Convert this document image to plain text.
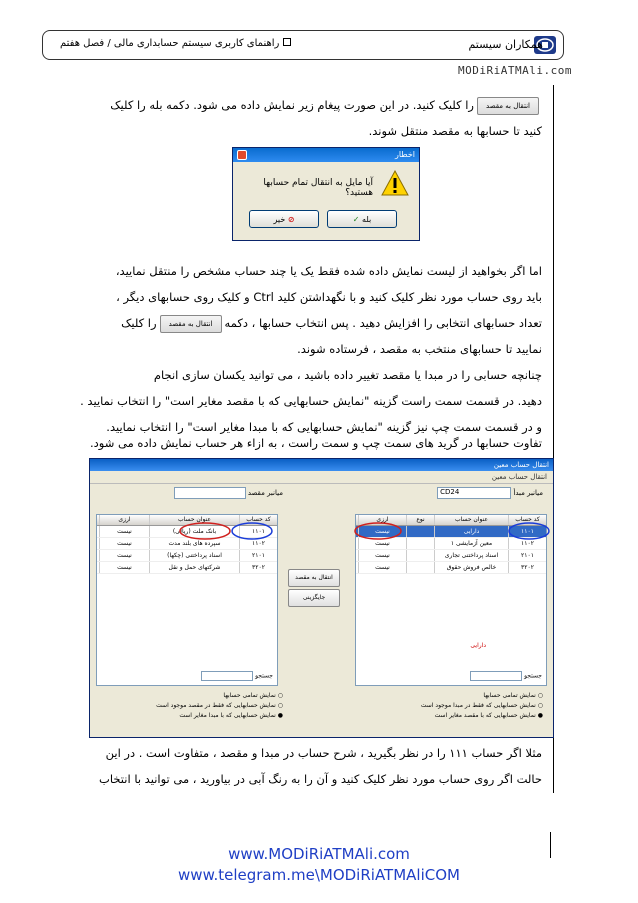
همکاران سیستم
راهنمای کاربری سیستم حسابداری مالی / فصل هفتم
MODiRiATMAli.com
انتقال به مقصدرا کلیک کنید. در این صورت پیغام زیر نمایش داده می شود. دکمه بله را کلیک
کنید تا حسابها به مقصد منتقل شوند.
اخطار
آیا مایل به انتقال تمام حسابها هستید؟
✓ بله
خیر ⊘
اما اگر بخواهید از لیست نمایش داده شده فقط یک یا چند حساب مشخص را منتقل نمایید،
باید روی حساب مورد نظر کلیک کنید و با نگهداشتن کلید Ctrl و کلیک روی حسابهای دیگر ،
تعداد حسابهای انتخابی را افزایش دهید . پس انتخاب حسابها ، دکمهانتقال به مقصدرا کلیک
نمایید تا حسابهای منتخب به مقصد ، فرستاده شوند.
چنانچه حسابی را در مبدا یا مقصد تغییر داده باشید ، می توانید یکسان سازی انجام
دهید. در قسمت سمت راست گزینه "نمایش حسابهایی که با مقصد مغایر است" را انتخاب نمایید .
و در قسمت سمت چپ نیز گزینه "نمایش حسابهایی که با مبدا مغایر است" را انتخاب نمایید.
تفاوت حسابها در گرید های سمت چپ و سمت راست ، به ازاء هر حساب نمایش داده می شود.
انتقال حساب معین
انتقال حساب معین
میانبر مبدأ CD24
میانبر مقصد
کد حساب
عنوان حساب
نوع
ارزی
۱۱۰۱
دارایی
نیست
۱۱۰۲
معین آزمایشی ۱
نیست
۲۱۰۱
اسناد پرداختنی تجاری
نیست
۳۲۰۲
خالص فروش حقوق
نیست
دارایی
جستجو
انتقال به مقصد
جایگزینی
کد حساب
عنوان حساب
ارزی
۱۱۰۱
بانک ملت (ریالی)
نیست
۱۱۰۲
سپرده های بلند مدت
نیست
۲۱۰۱
اسناد پرداختنی (چکها)
نیست
۳۲۰۲
شرکتهای حمل و نقل
نیست
جستجو
○ نمایش تمامی حسابها
○ نمایش حسابهایی که فقط در مبدا موجود است
● نمایش حسابهایی که با مقصد مغایر است
○ نمایش تمامی حسابها
○ نمایش حسابهایی که فقط در مقصد موجود است
● نمایش حسابهایی که با مبدا مغایر است
مثلا اگر حساب ۱۱۱ را در نظر بگیرید ، شرح حساب در مبدا و مقصد ، متفاوت است . در این
حالت اگر روی حساب مورد نظر کلیک کنید و آن را به رنگ آبی در بیاورید ، می توانید با انتخاب
www.MODiRiATMAli.com
www.telegram.me\MODiRiATMAliCOM
